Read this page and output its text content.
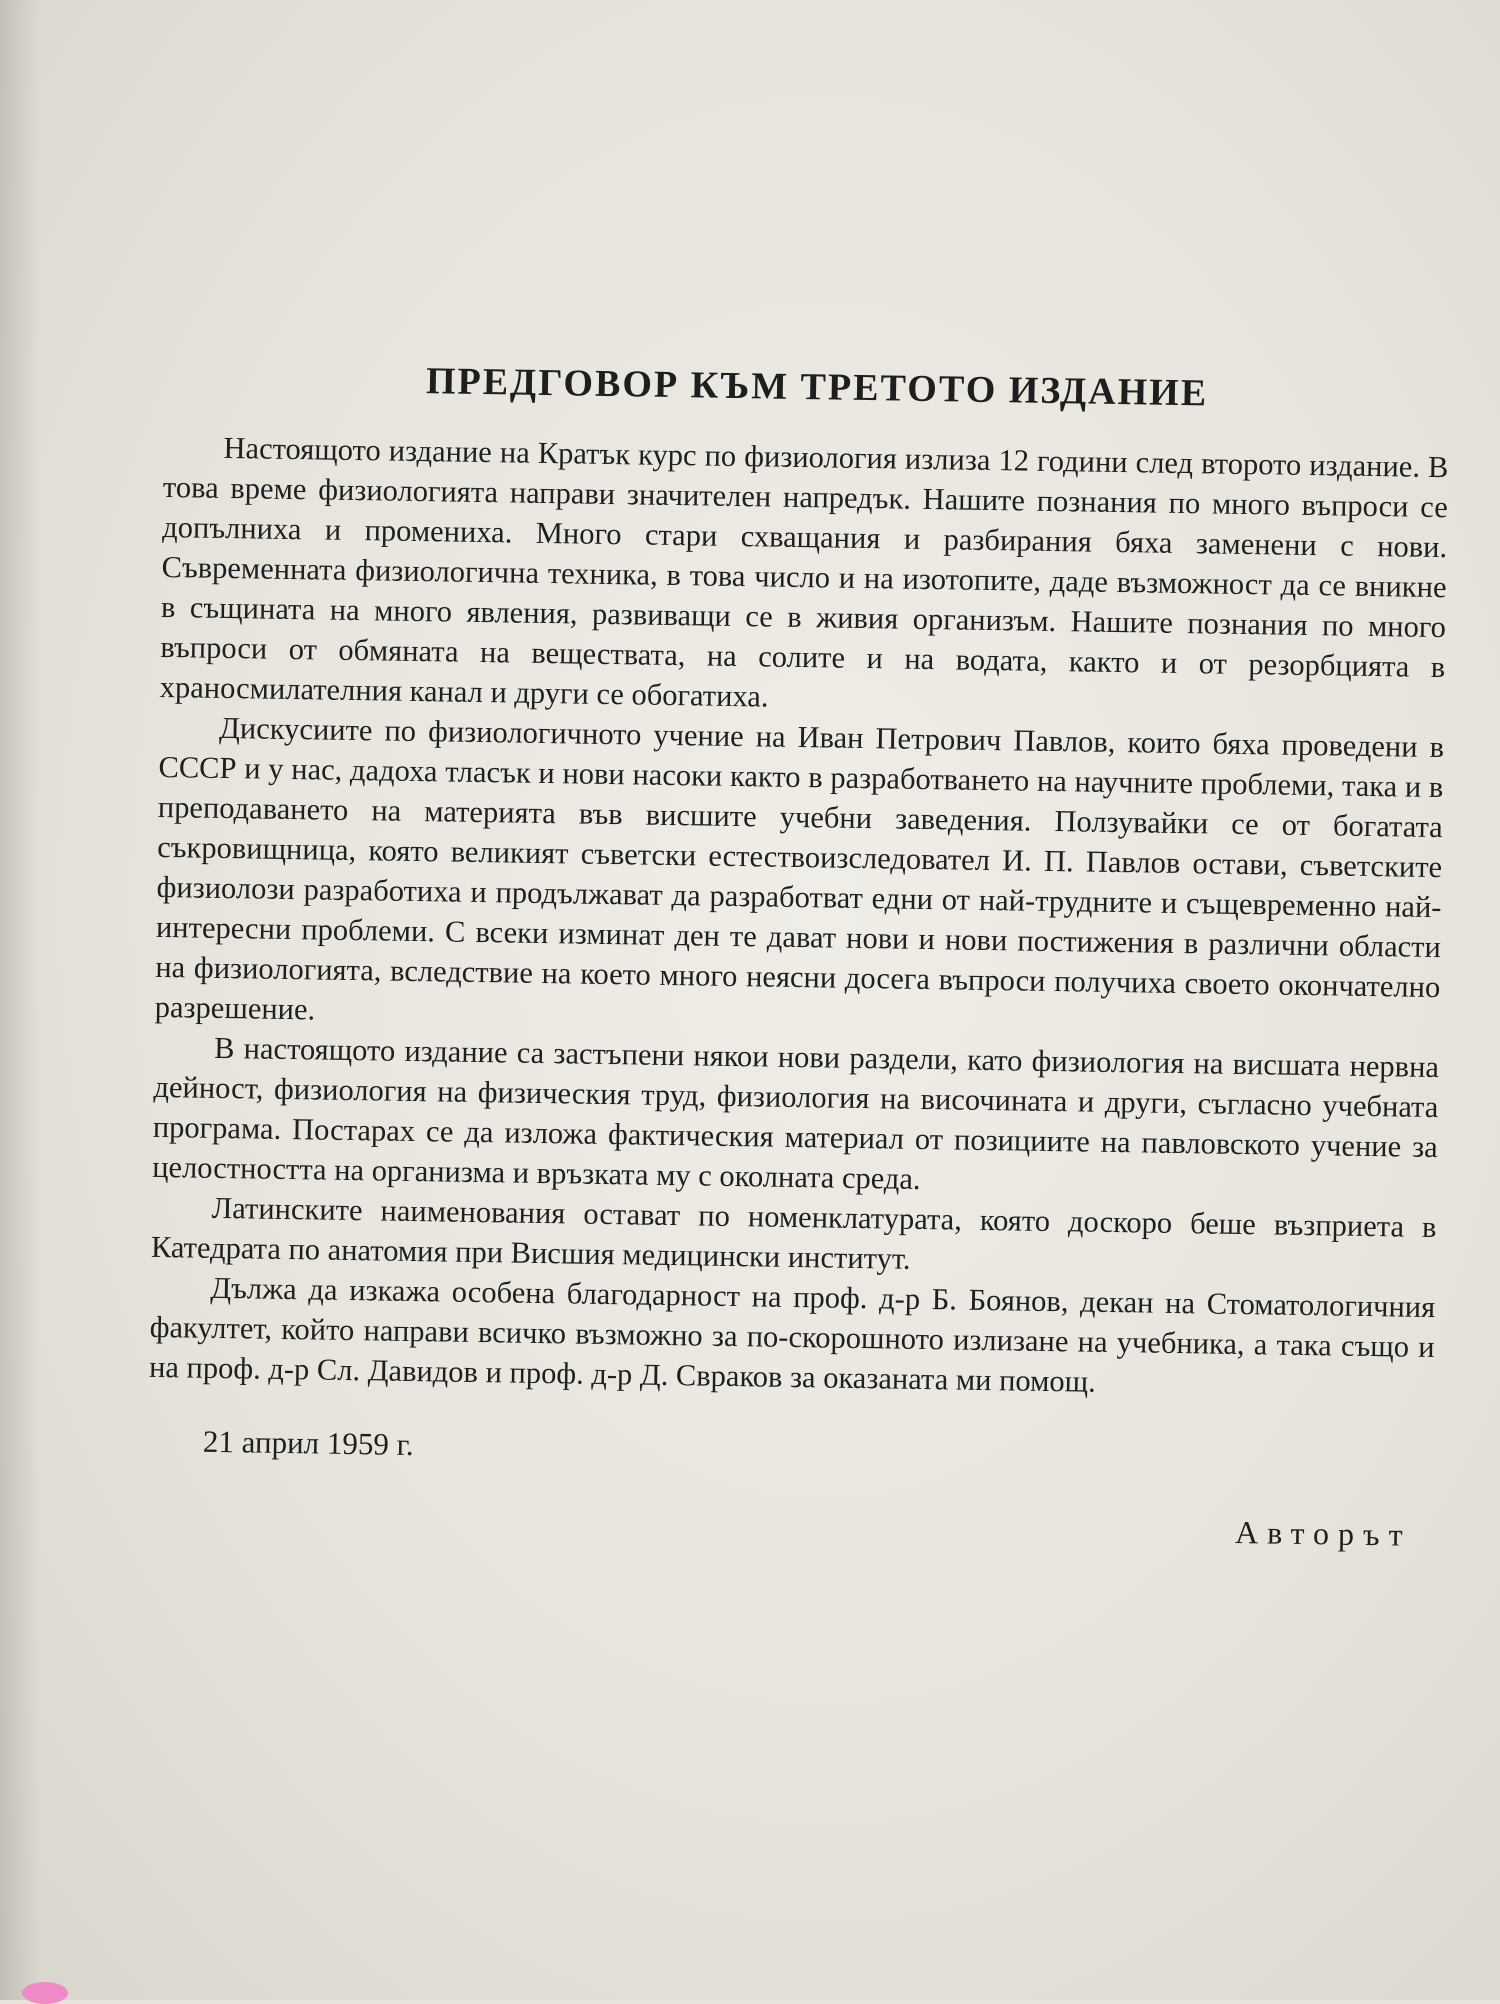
ПРЕДГОВОР КЪМ ТРЕТОТО ИЗДАНИЕ

Настоящото издание на Кратък курс по физиология излиза 12 години след второто издание. В това време физиологията направи значителен напредък. Нашите познания по много въпроси се допълниха и промениха. Много стари схващания и разбирания бяха заменени с нови. Съвременната физиологична техника, в това число и на изотопите, даде възможност да се вникне в същината на много явления, развиващи се в живия организъм. Нашите познания по много въпроси от обмяната на веществата, на солите и на водата, както и от резорбцията в храносмилателния канал и други се обогатиха.

Дискусиите по физиологичното учение на Иван Петрович Павлов, които бяха проведени в СССР и у нас, дадоха тласък и нови насоки както в разработването на научните проблеми, така и в преподаването на материята във висшите учебни заведения. Ползувайки се от богатата съкровищница, която великият съветски естествоизследовател И. П. Павлов остави, съветските физиолози разработиха и продължават да разработват едни от най-трудните и същевременно най-интересни проблеми. С всеки изминат ден те дават нови и нови постижения в различни области на физиологията, вследствие на което много неясни досега въпроси получиха своето окончателно разрешение.

В настоящото издание са застъпени някои нови раздели, като физиология на висшата нервна дейност, физиология на физическия труд, физиология на височината и други, съгласно учебната програма. Постарах се да изложа фактическия материал от позициите на павловското учение за целостността на организма и връзката му с околната среда.

Латинските наименования остават по номенклатурата, която доскоро беше възприета в Катедрата по анатомия при Висшия медицински институт.

Дължа да изкажа особена благодарност на проф. д-р Б. Боянов, декан на Стоматологичния факултет, който направи всичко възможно за по-скорошното излизане на учебника, а така също и на проф. д-р Сл. Давидов и проф. д-р Д. Свраков за оказаната ми помощ.

21 април 1959 г.
Авторът
